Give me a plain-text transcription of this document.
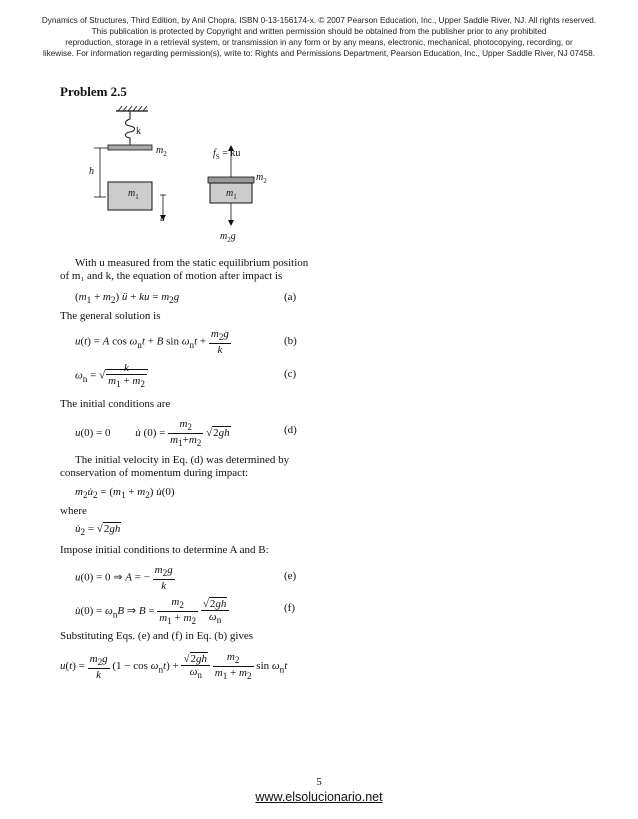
Dynamics of Structures, Third Edition, by Anil Chopra. ISBN 0-13-156174-x. © 2007 Pearson Education, Inc., Upper Saddle River, NJ. All rights reserved.
This publication is protected by Copyright and written permission should be obtained from the publisher prior to any prohibited
reproduction, storage in a retrieval system, or transmission in any form or by any means, electronic, mechanical, photocopying, recording, or
likewise. For information regarding permission(s), write to: Rights and Permissions Department, Pearson Education, Inc., Upper Saddle River, NJ 07458.
Problem 2.5
k
$m_2$
h
$m_1$
u
$f_S$ = ku
$m_2$
$m_1$
$m_2g$
With u measured from the static equilibrium position
of m₁ and k, the equation of motion after impact is
$(m_1 + m_2)$ ü + ku = $m_2g$	(a)
The general solution is
u(t) = A $\cos \omega_nt + B$ $\sin \omega_nt + \frac{m_2g}{k}$	(b)
$\omega_n$ = √ $\frac{k}{m_1 + m_2}$	(c)
The initial conditions are
u(0) = 0         u̇ $(0) = \frac{m_2}{m_1+m_2} √2gh$	(d)
The initial velocity in Eq. (d) was determined by
conservation of momentum during impact:
$m_2u̇_2 = (m_1 + m_2)$ u̇(0)
where
$u̇_2 = √2gh$
Impose initial conditions to determine A and B:
u(0) = 0 ⇒ A = − $\frac{m_2g}{k}$	(e)
u̇(0) = $\omega_nB$ ⇒ $B = \frac{m_2}{m_1 + m_2}$
$\frac{√2gh}{\omega_n}$	(f)
Substituting Eqs. (e) and (f) in Eq. (b) gives
$u(t) = \frac{m_2g}{k} (1 - \cos \omega_nt) + \frac{√2gh}{\omega_n}$
$\frac{m_2}{m_1 + m_2}$ $\sin \omega_nt$
5
www.elsolucionario.net
